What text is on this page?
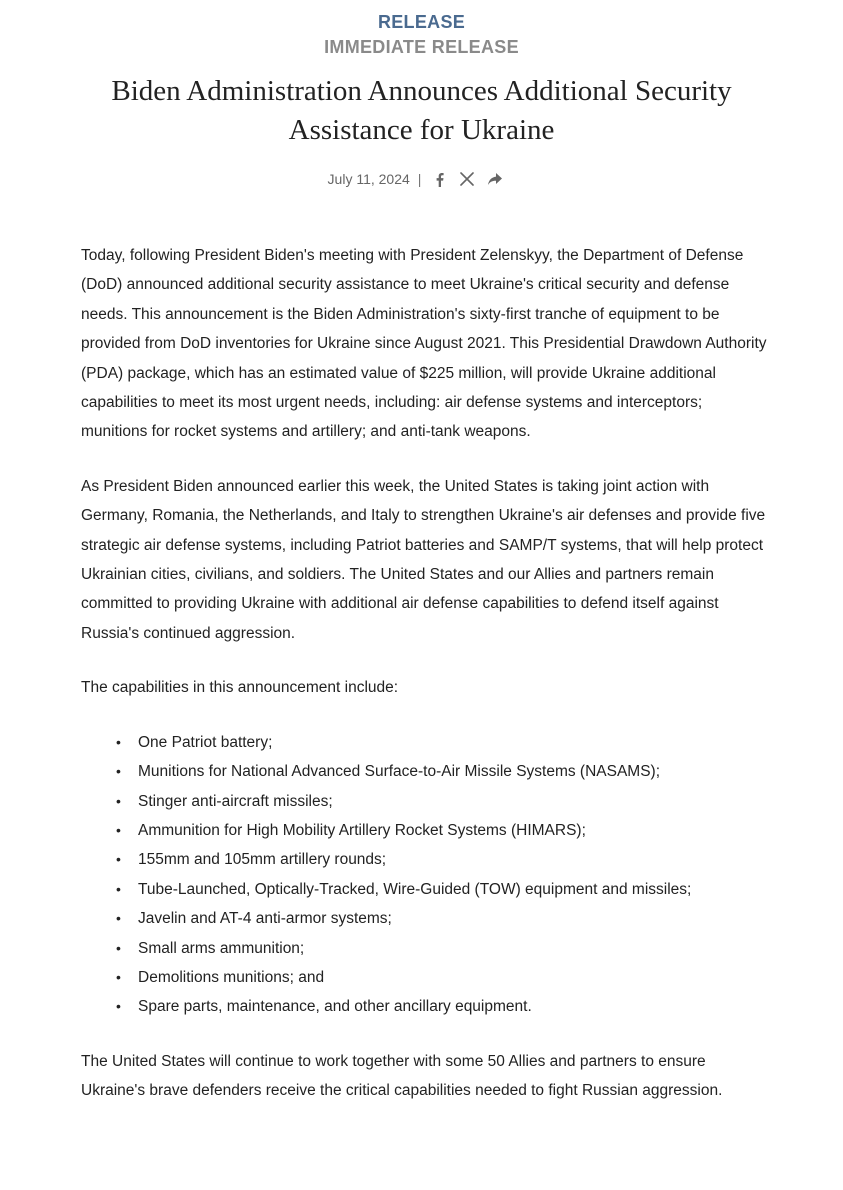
RELEASE
IMMEDIATE RELEASE
Biden Administration Announces Additional Security Assistance for Ukraine
July 11, 2024 |

Today, following President Biden's meeting with President Zelenskyy, the Department of Defense (DoD) announced additional security assistance to meet Ukraine's critical security and defense needs. This announcement is the Biden Administration's sixty-first tranche of equipment to be provided from DoD inventories for Ukraine since August 2021. This Presidential Drawdown Authority (PDA) package, which has an estimated value of $225 million, will provide Ukraine additional capabilities to meet its most urgent needs, including: air defense systems and interceptors; munitions for rocket systems and artillery; and anti-tank weapons.

As President Biden announced earlier this week, the United States is taking joint action with Germany, Romania, the Netherlands, and Italy to strengthen Ukraine's air defenses and provide five strategic air defense systems, including Patriot batteries and SAMP/T systems, that will help protect Ukrainian cities, civilians, and soldiers. The United States and our Allies and partners remain committed to providing Ukraine with additional air defense capabilities to defend itself against Russia's continued aggression.

The capabilities in this announcement include:

• One Patriot battery;
• Munitions for National Advanced Surface-to-Air Missile Systems (NASAMS);
• Stinger anti-aircraft missiles;
• Ammunition for High Mobility Artillery Rocket Systems (HIMARS);
• 155mm and 105mm artillery rounds;
• Tube-Launched, Optically-Tracked, Wire-Guided (TOW) equipment and missiles;
• Javelin and AT-4 anti-armor systems;
• Small arms ammunition;
• Demolitions munitions; and
• Spare parts, maintenance, and other ancillary equipment.

The United States will continue to work together with some 50 Allies and partners to ensure Ukraine's brave defenders receive the critical capabilities needed to fight Russian aggression.
